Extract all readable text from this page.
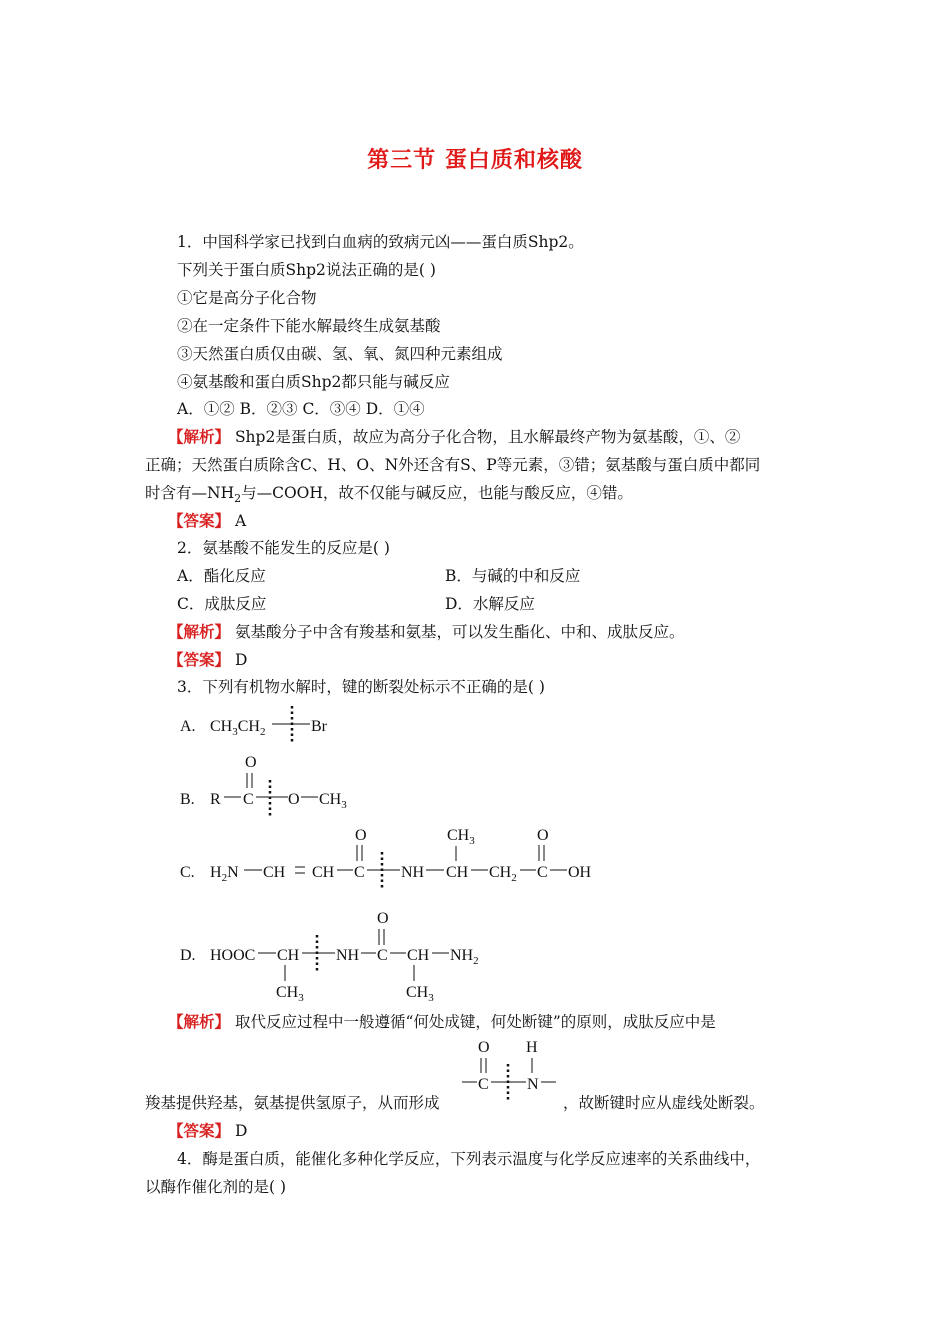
第三节 蛋白质和核酸
1．中国科学家已找到白血病的致病元凶——蛋白质Shp2。
下列关于蛋白质Shp2说法正确的是( )
①它是高分子化合物
②在一定条件下能水解最终生成氨基酸
③天然蛋白质仅由碳、氢、氧、氮四种元素组成
④氨基酸和蛋白质Shp2都只能与碱反应
A．①② B．②③ C．③④ D．①④
【解析】 Shp2是蛋白质，故应为高分子化合物，且水解最终产物为氨基酸，①、②
正确；天然蛋白质除含C、H、O、N外还含有S、P等元素，③错；氨基酸与蛋白质中都同
时含有$—NH_2$与—COOH，故不仅能与碱反应，也能与酸反应，④错。
【答案】 A
2．氨基酸不能发生的反应是( )
A．酯化反应	B．与碱的中和反应
C．成肽反应	D．水解反应
【解析】 氨基酸分子中含有羧基和氨基，可以发生酯化、中和、成肽反应。
【答案】 D
3．下列有机物水解时，键的断裂处标示不正确的是( )
A. $CH_3CH_2$	Br
O
B. R C O $CH_3$
O	$CH_3$	O
C. $H_2N$ CH CH C NH CH $CH_2$ C OH
O
D. HOOC CH NH C CH $NH_2$
$CH_3$	$CH_3$
O H
C N
【解析】 取代反应过程中一般遵循“何处成键，何处断键”的原则，成肽反应中是
羧基提供羟基，氨基提供氢原子，从而形成	，故断键时应从虚线处断裂。
【答案】 D
4．酶是蛋白质，能催化多种化学反应，下列表示温度与化学反应速率的关系曲线中，
以酶作催化剂的是( )
